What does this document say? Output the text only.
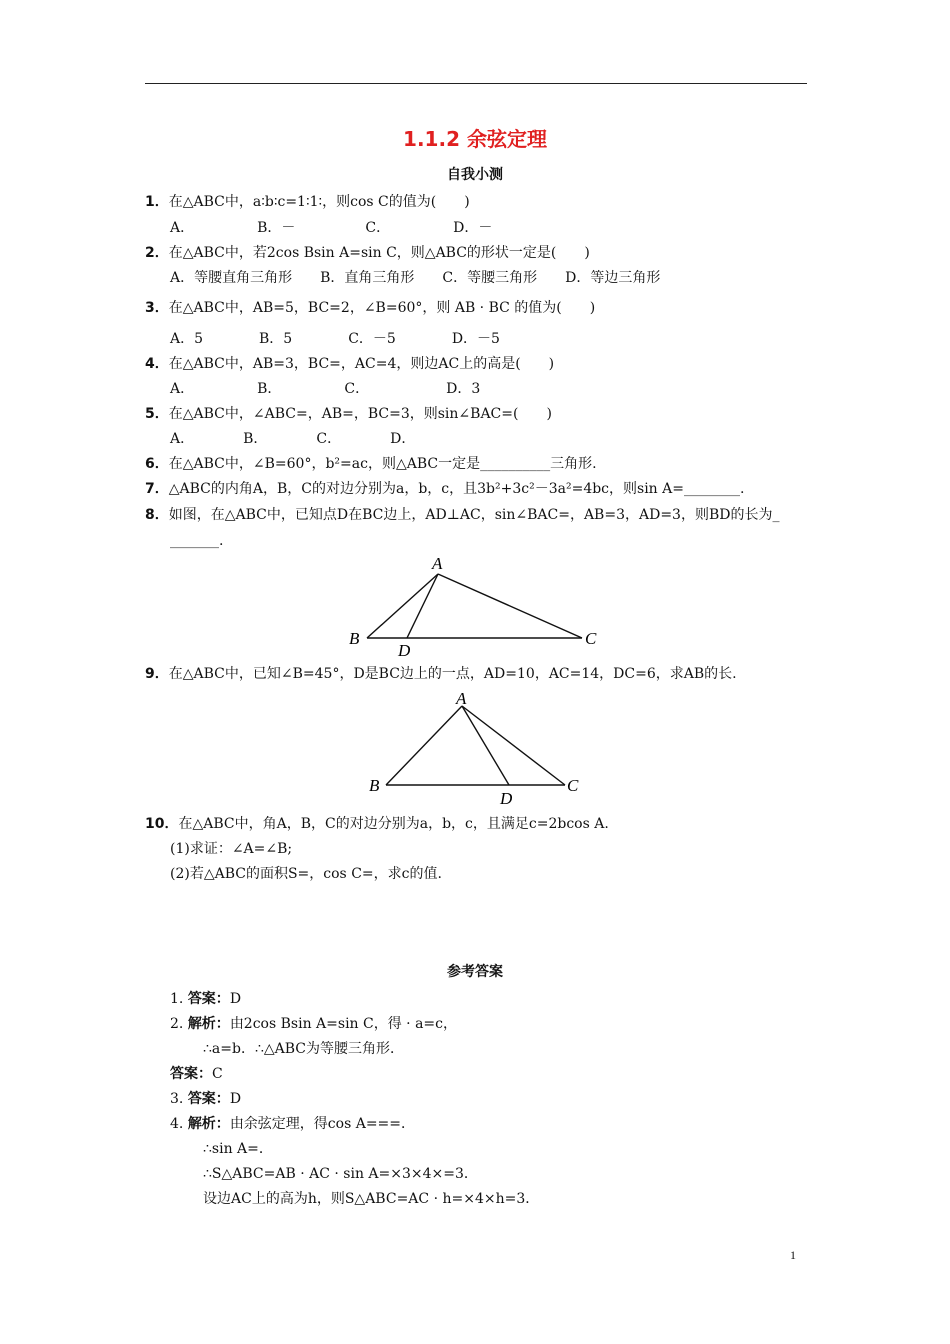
1.1.2 余弦定理
自我小测
1．在△ABC中，a∶b∶c=1∶1∶，则cos C的值为(　　)
A．　　　　　B．－　　　　　C．　　　　　D．－
2．在△ABC中，若2cos Bsin A=sin C，则△ABC的形状一定是(　　)
A．等腰直角三角形　　B．直角三角形　　C．等腰三角形　　D．等边三角形
3．在△ABC中，AB=5，BC=2，∠B=60°，则 AB · BC 的值为(　　)
A．5　　　　B．5　　　　C．－5　　　　D．－5
4．在△ABC中，AB=3，BC=，AC=4，则边AC上的高是(　　)
A．　　　　　B．　　　　　C．　　　　　　D．3
5．在△ABC中，∠ABC=，AB=，BC=3，则sin∠BAC=(　　)
A．　　　　B．　　　　C．　　　　D．
6．在△ABC中，∠B=60°，b²=ac，则△ABC一定是__________三角形.
7．△ABC的内角A，B，C的对边分别为a，b，c，且3b²+3c²－3a²=4bc，则sin A=________.
8．如图，在△ABC中，已知点D在BC边上，AD⊥AC，sin∠BAC=，AB=3，AD=3，则BD的长为_
_______.
A
B	C
D
9．在△ABC中，已知∠B=45°，D是BC边上的一点，AD=10，AC=14，DC=6，求AB的长.
A
B	C
D
10．在△ABC中，角A，B，C的对边分别为a，b，c，且满足c=2bcos A.
(1)求证：∠A=∠B;
(2)若△ABC的面积S=，cos C=，求c的值.
参考答案
1. 答案：D
2. 解析：由2cos Bsin A=sin C，得 · a=c，
∴a=b．∴△ABC为等腰三角形．
答案：C
3. 答案：D
4. 解析：由余弦定理，得cos A===．
∴sin A=．
∴S△ABC=AB · AC · sin A=×3×4×=3．
设边AC上的高为h，则S△ABC=AC · h=×4×h=3．
1
